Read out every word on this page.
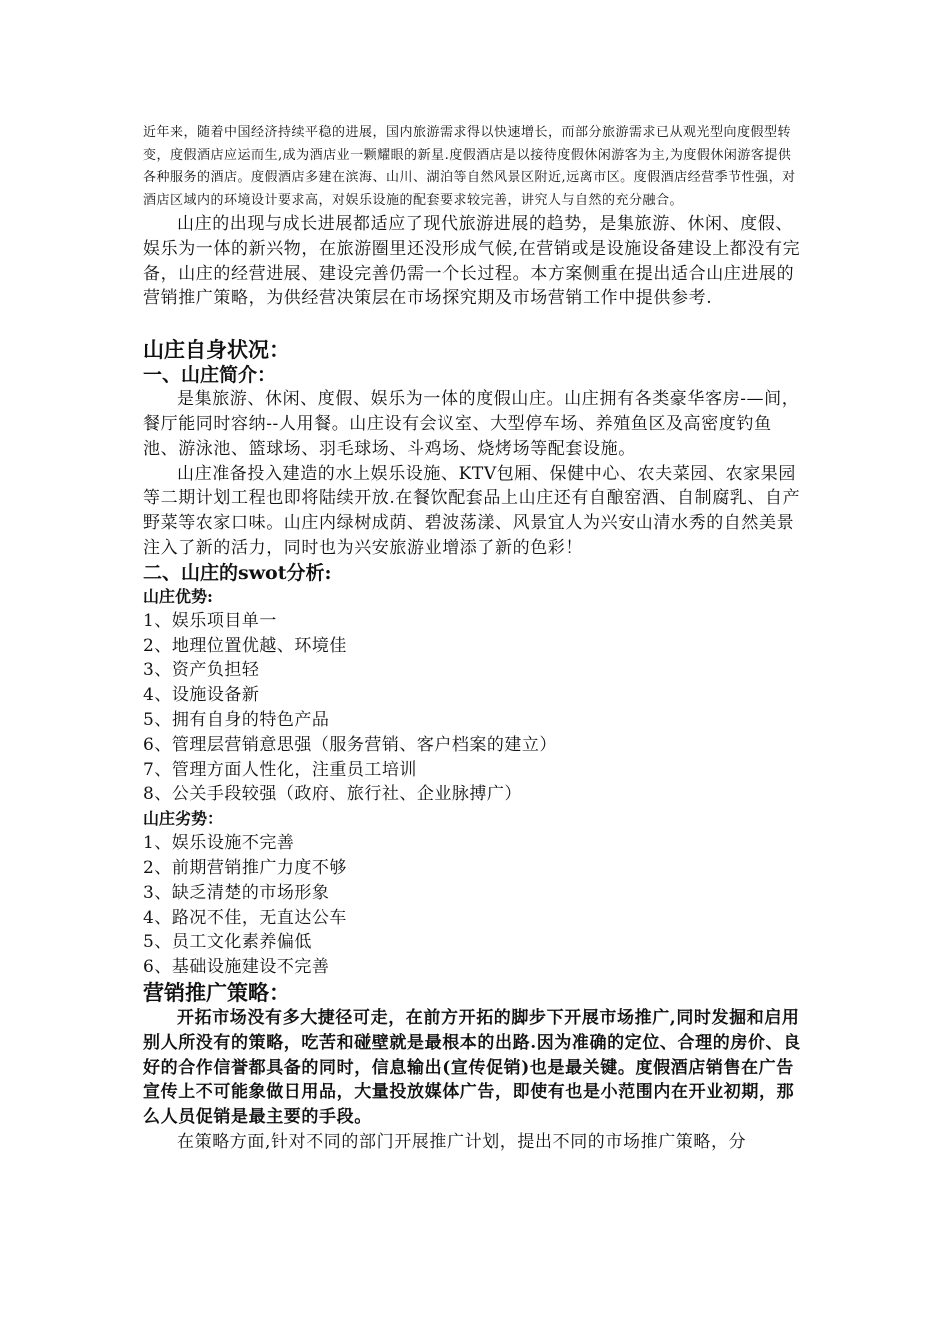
近年来，随着中国经济持续平稳的进展，国内旅游需求得以快速增长，而部分旅游需求已从观光型向度假型转变，度假酒店应运而生,成为酒店业一颗耀眼的新星.度假酒店是以接待度假休闲游客为主,为度假休闲游客提供各种服务的酒店。度假酒店多建在滨海、山川、湖泊等自然风景区附近,远离市区。度假酒店经营季节性强，对酒店区域内的环境设计要求高，对娱乐设施的配套要求较完善，讲究人与自然的充分融合。

山庄的出现与成长进展都适应了现代旅游进展的趋势，是集旅游、休闲、度假、娱乐为一体的新兴物，在旅游圈里还没形成气候,在营销或是设施设备建设上都没有完备，山庄的经营进展、建设完善仍需一个长过程。本方案侧重在提出适合山庄进展的营销推广策略，为供经营决策层在市场探究期及市场营销工作中提供参考.

山庄自身状况：
一、山庄简介：

是集旅游、休闲、度假、娱乐为一体的度假山庄。山庄拥有各类豪华客房-—间，餐厅能同时容纳--人用餐。山庄设有会议室、大型停车场、养殖鱼区及高密度钓鱼池、游泳池、篮球场、羽毛球场、斗鸡场、烧烤场等配套设施。

山庄准备投入建造的水上娱乐设施、KTV包厢、保健中心、农夫菜园、农家果园等二期计划工程也即将陆续开放.在餐饮配套品上山庄还有自酿窑酒、自制腐乳、自产野菜等农家口味。山庄内绿树成荫、碧波荡漾、风景宜人为兴安山清水秀的自然美景注入了新的活力，同时也为兴安旅游业增添了新的色彩！

二、山庄的swot分析:
山庄优势:
1、娱乐项目单一
2、地理位置优越、环境佳
3、资产负担轻
4、设施设备新
5、拥有自身的特色产品
6、管理层营销意思强（服务营销、客户档案的建立）
7、管理方面人性化，注重员工培训
8、公关手段较强（政府、旅行社、企业脉搏广）
山庄劣势：
1、娱乐设施不完善
2、前期营销推广力度不够
3、缺乏清楚的市场形象
4、路况不佳，无直达公车
5、员工文化素养偏低
6、基础设施建设不完善
营销推广策略：

开拓市场没有多大捷径可走，在前方开拓的脚步下开展市场推广,同时发掘和启用别人所没有的策略，吃苦和碰壁就是最根本的出路.因为准确的定位、合理的房价、良好的合作信誉都具备的同时，信息输出(宣传促销)也是最关键。度假酒店销售在广告宣传上不可能象做日用品，大量投放媒体广告，即使有也是小范围内在开业初期，那么人员促销是最主要的手段。

在策略方面,针对不同的部门开展推广计划，提出不同的市场推广策略，分
